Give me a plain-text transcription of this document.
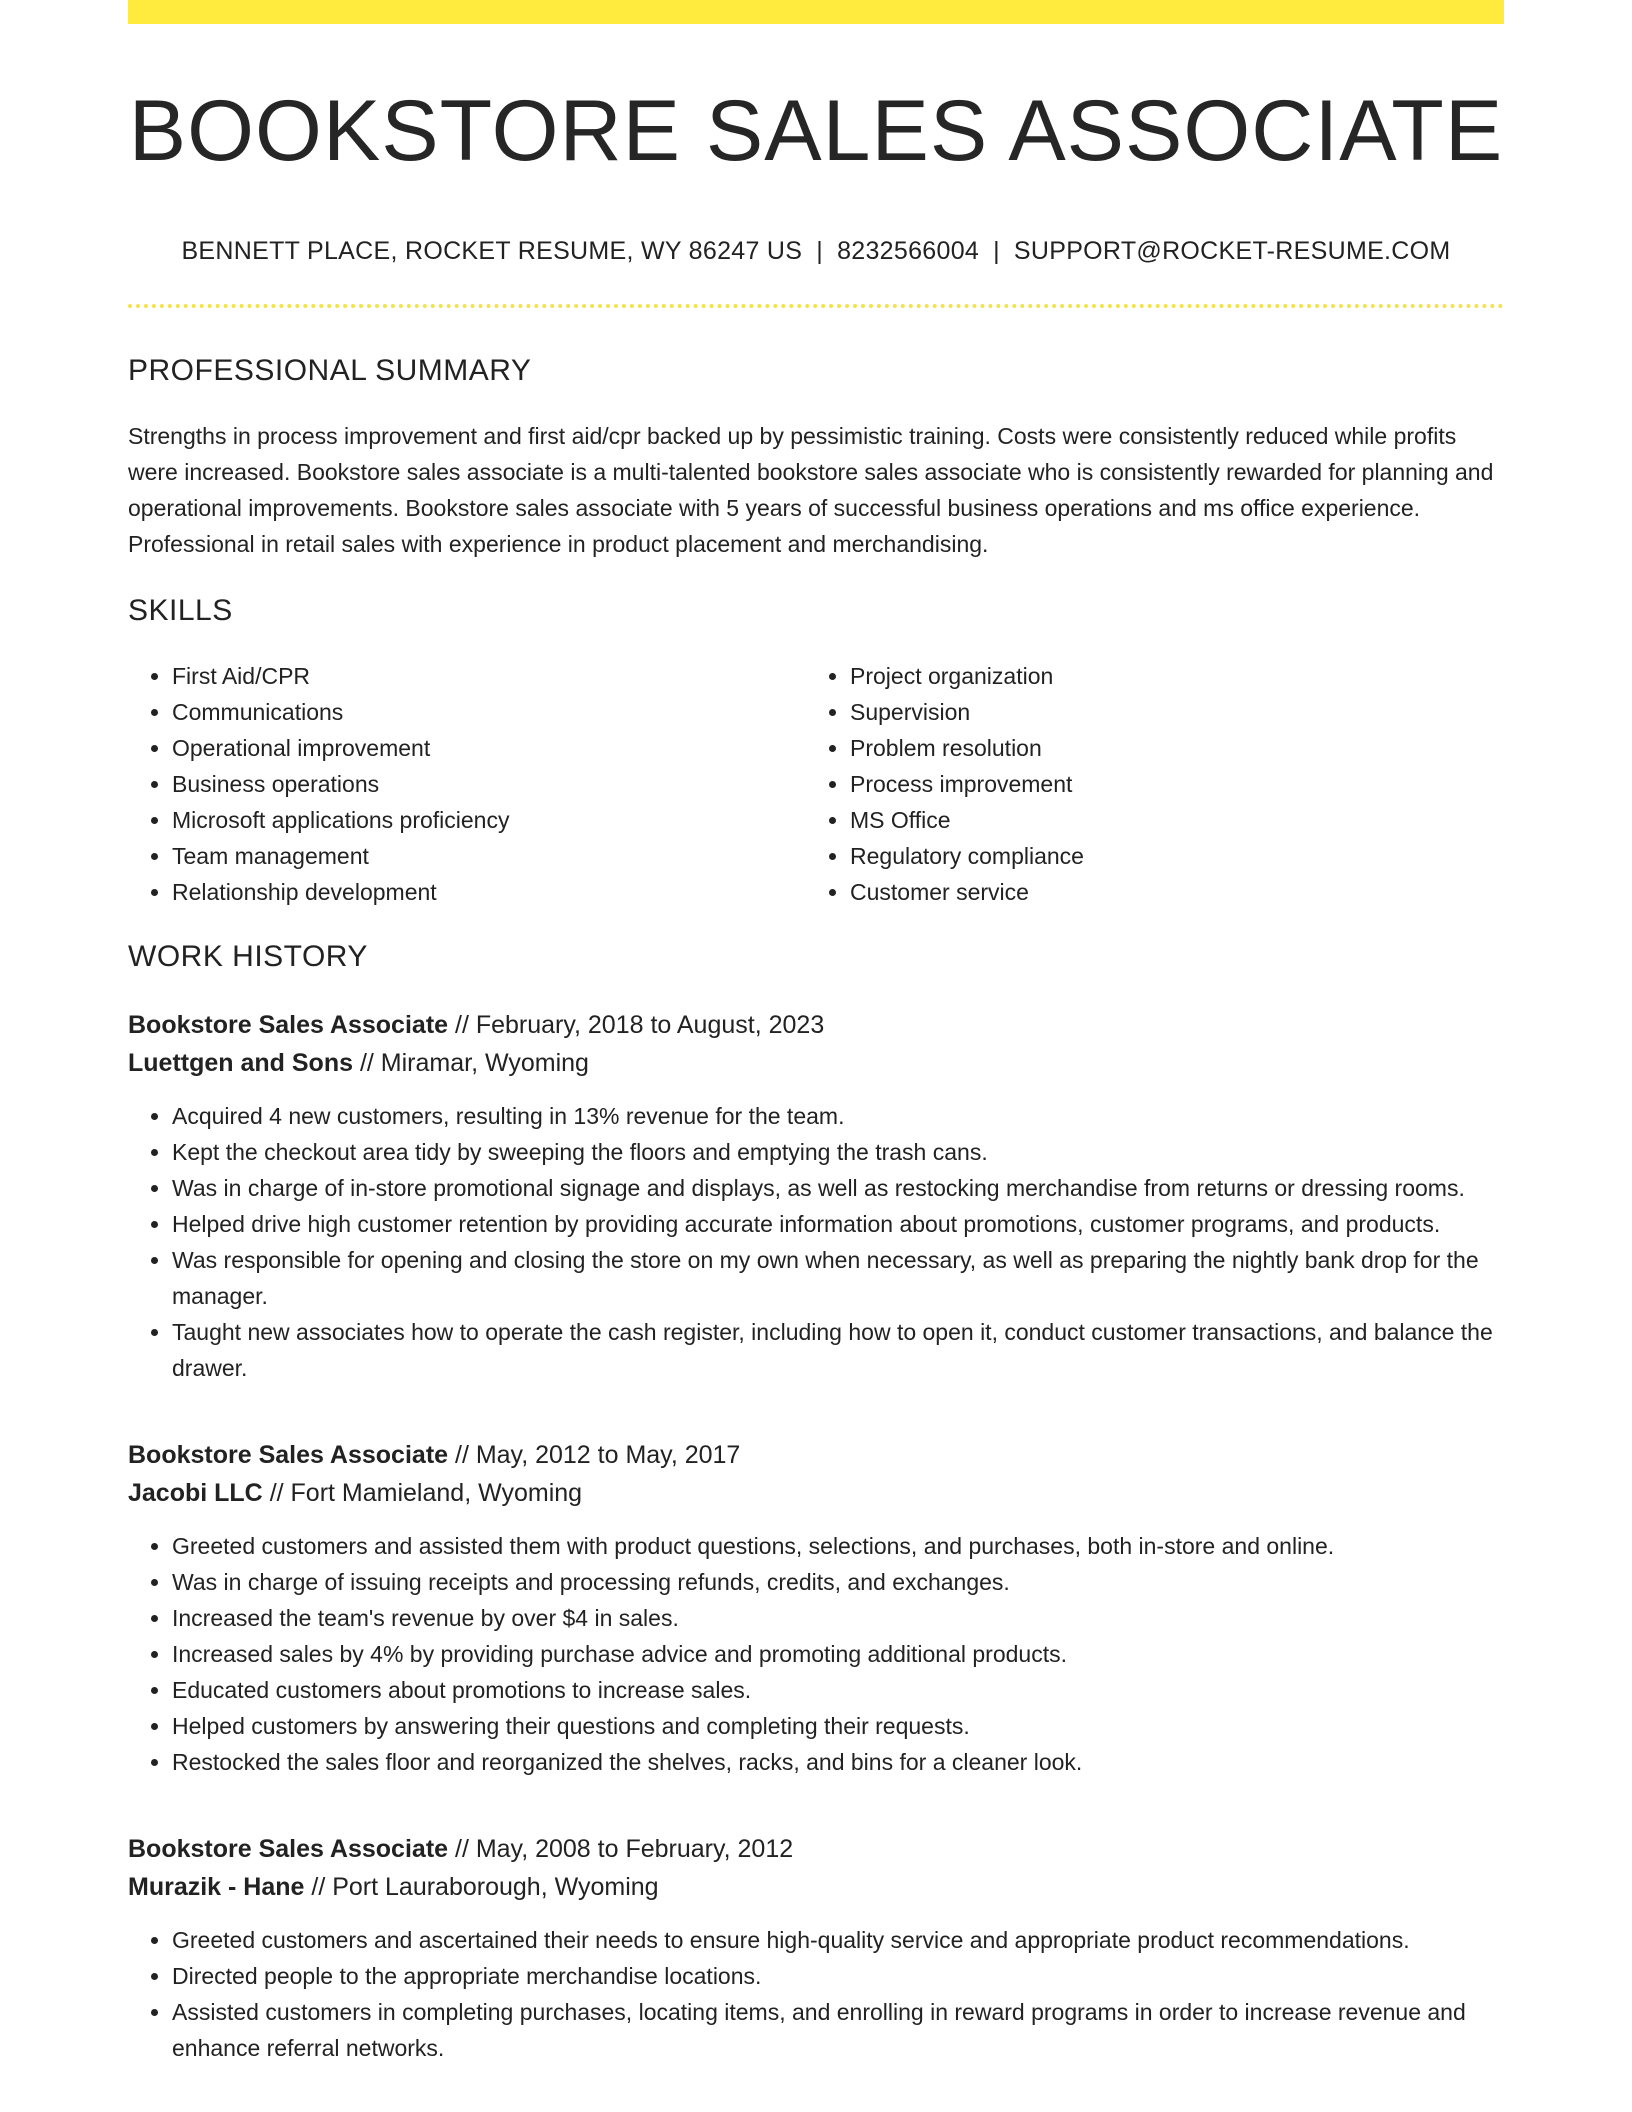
BOOKSTORE SALES ASSOCIATE
BENNETT PLACE, ROCKET RESUME, WY 86247 US | 8232566004 | SUPPORT@ROCKET-RESUME.COM
PROFESSIONAL SUMMARY
Strengths in process improvement and first aid/cpr backed up by pessimistic training. Costs were consistently reduced while profits were increased. Bookstore sales associate is a multi-talented bookstore sales associate who is consistently rewarded for planning and operational improvements. Bookstore sales associate with 5 years of successful business operations and ms office experience. Professional in retail sales with experience in product placement and merchandising.
SKILLS
• First Aid/CPR
• Communications
• Operational improvement
• Business operations
• Microsoft applications proficiency
• Team management
• Relationship development
• Project organization
• Supervision
• Problem resolution
• Process improvement
• MS Office
• Regulatory compliance
• Customer service
WORK HISTORY
Bookstore Sales Associate // February, 2018 to August, 2023
Luettgen and Sons // Miramar, Wyoming
• Acquired 4 new customers, resulting in 13% revenue for the team.
• Kept the checkout area tidy by sweeping the floors and emptying the trash cans.
• Was in charge of in-store promotional signage and displays, as well as restocking merchandise from returns or dressing rooms.
• Helped drive high customer retention by providing accurate information about promotions, customer programs, and products.
• Was responsible for opening and closing the store on my own when necessary, as well as preparing the nightly bank drop for the manager.
• Taught new associates how to operate the cash register, including how to open it, conduct customer transactions, and balance the drawer.
Bookstore Sales Associate // May, 2012 to May, 2017
Jacobi LLC // Fort Mamieland, Wyoming
• Greeted customers and assisted them with product questions, selections, and purchases, both in-store and online.
• Was in charge of issuing receipts and processing refunds, credits, and exchanges.
• Increased the team's revenue by over $4 in sales.
• Increased sales by 4% by providing purchase advice and promoting additional products.
• Educated customers about promotions to increase sales.
• Helped customers by answering their questions and completing their requests.
• Restocked the sales floor and reorganized the shelves, racks, and bins for a cleaner look.
Bookstore Sales Associate // May, 2008 to February, 2012
Murazik - Hane // Port Lauraborough, Wyoming
• Greeted customers and ascertained their needs to ensure high-quality service and appropriate product recommendations.
• Directed people to the appropriate merchandise locations.
• Assisted customers in completing purchases, locating items, and enrolling in reward programs in order to increase revenue and enhance referral networks.
